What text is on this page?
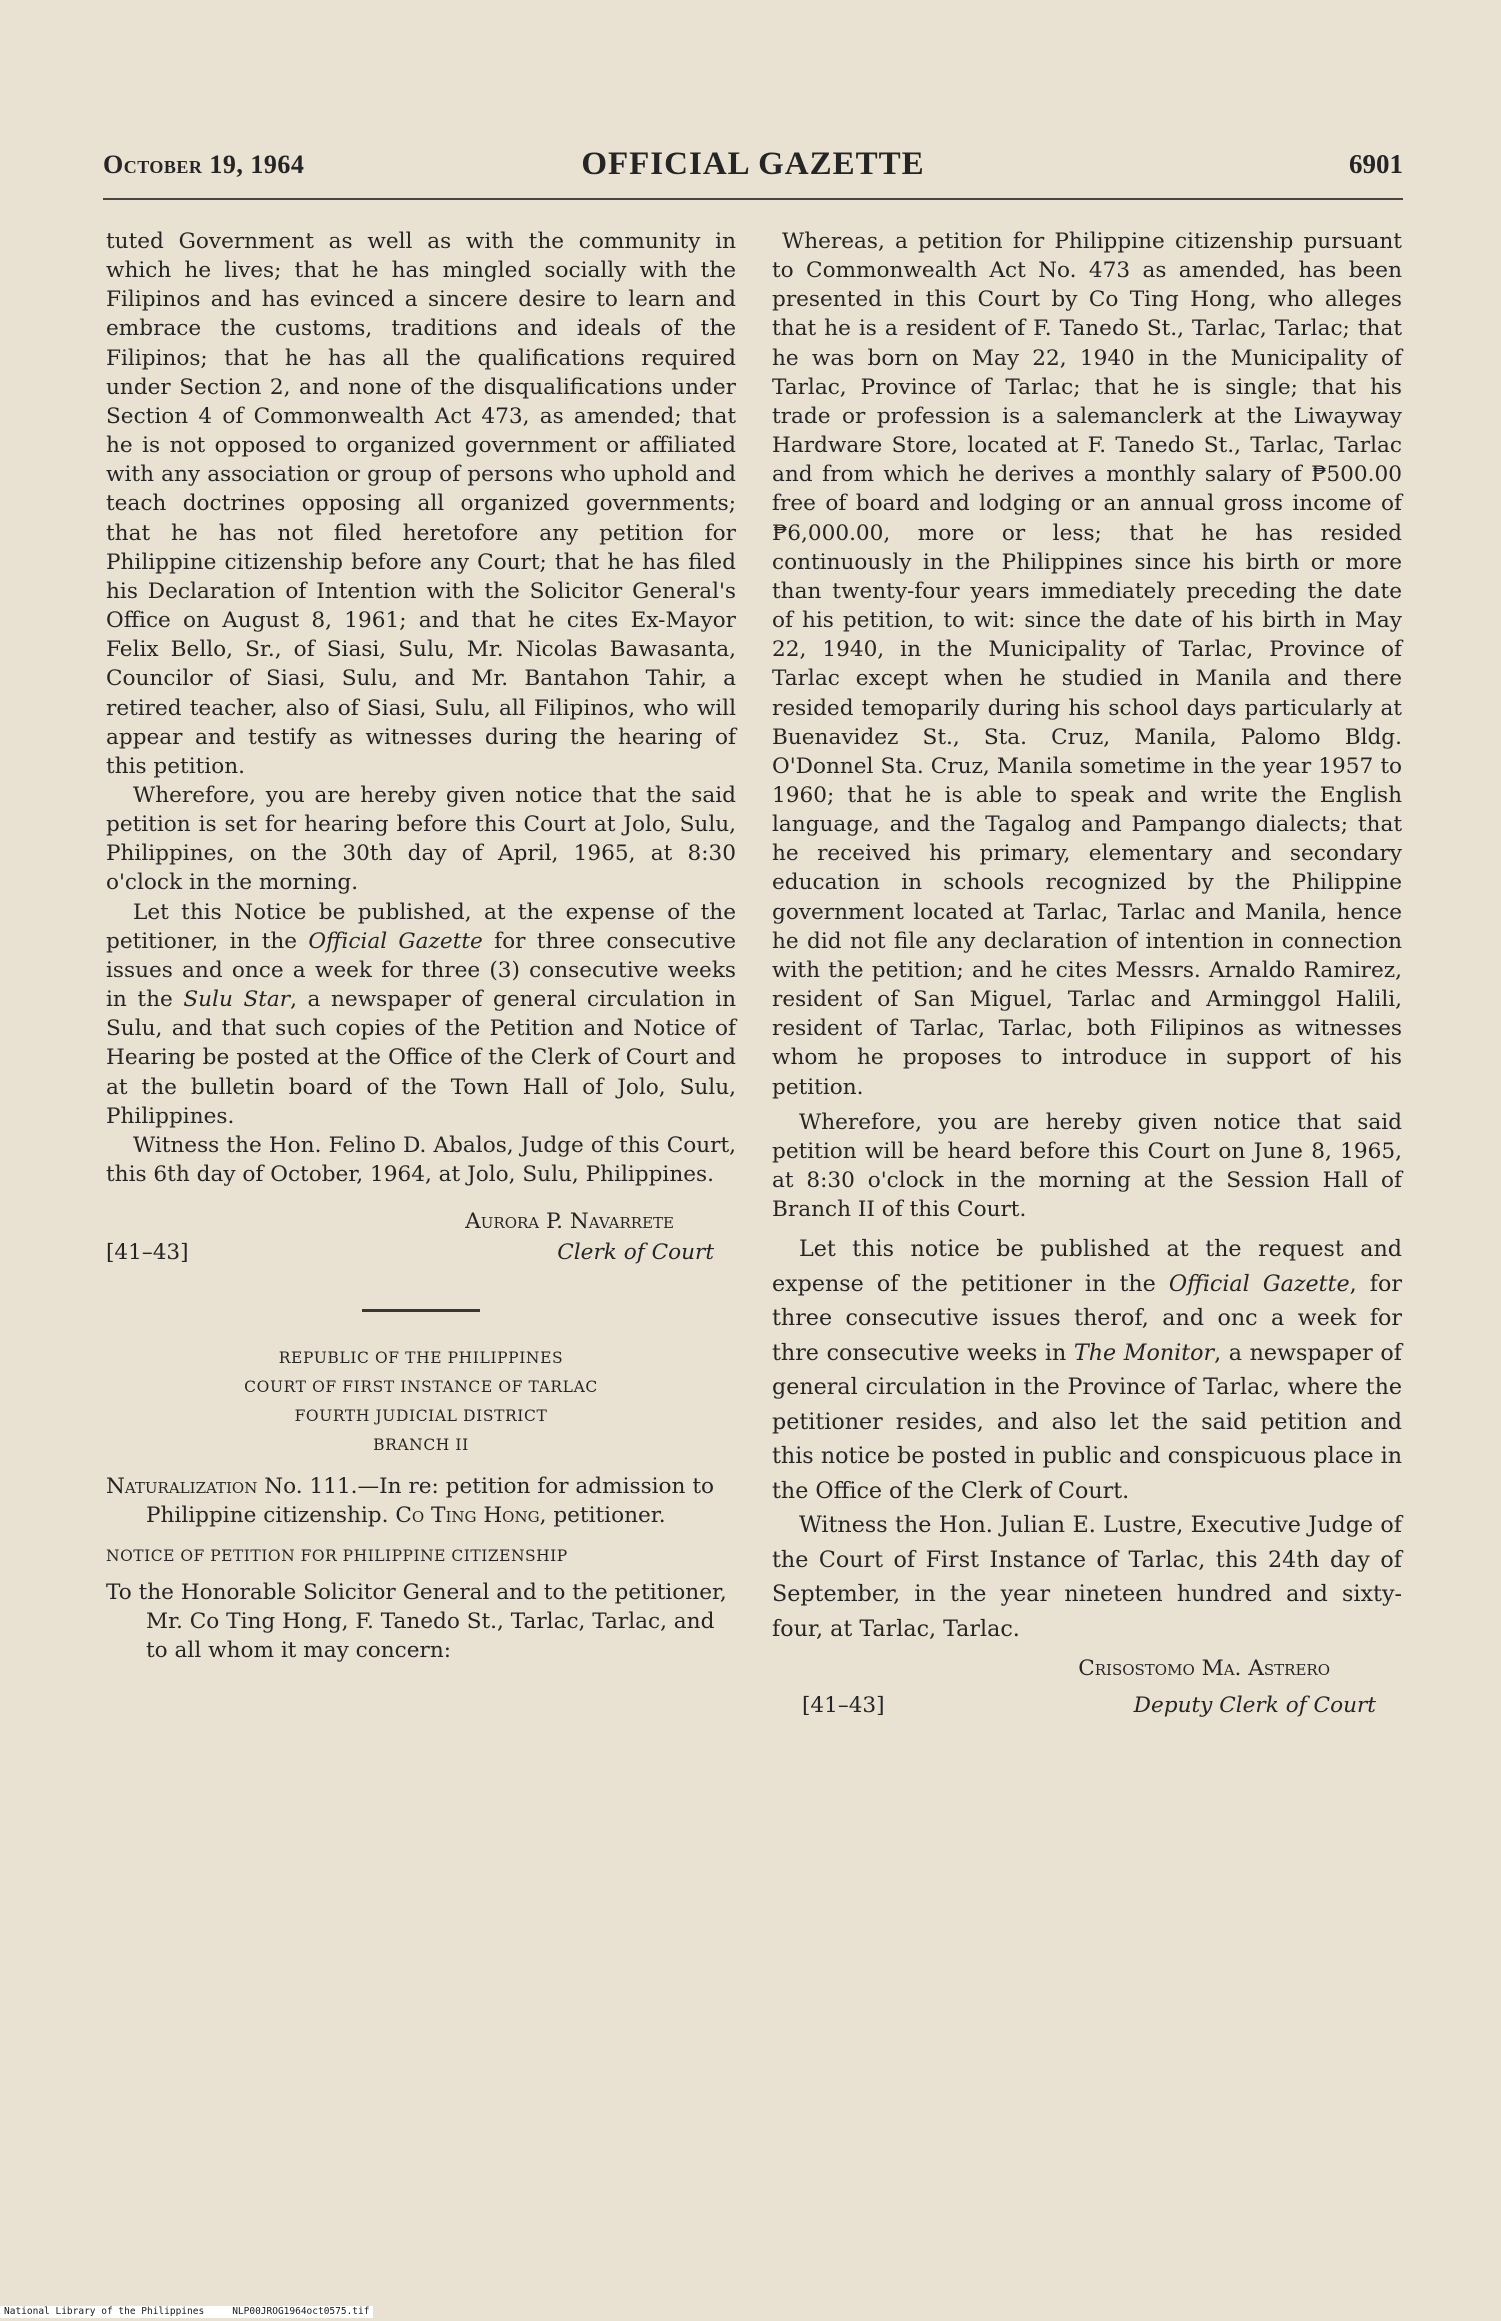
October 19, 1964	OFFICIAL GAZETTE	6901

tuted Government as well as with the community in which he lives; that he has mingled socially with the Filipinos and has evinced a sincere desire to learn and embrace the customs, traditions and ideals of the Filipinos; that he has all the qualifications required under Section 2, and none of the disqualifications under Section 4 of Commonwealth Act 473, as amended; that he is not opposed to organized government or affiliated with any association or group of persons who uphold and teach doctrines opposing all organized governments; that he has not filed heretofore any petition for Philippine citizenship before any Court; that he has filed his Declaration of Intention with the Solicitor General's Office on August 8, 1961; and that he cites Ex-Mayor Felix Bello, Sr., of Siasi, Sulu, Mr. Nicolas Bawasanta, Councilor of Siasi, Sulu, and Mr. Bantahon Tahir, a retired teacher, also of Siasi, Sulu, all Filipinos, who will appear and testify as witnesses during the hearing of this petition.

Wherefore, you are hereby given notice that the said petition is set for hearing before this Court at Jolo, Sulu, Philippines, on the 30th day of April, 1965, at 8:30 o'clock in the morning.

Let this Notice be published, at the expense of the petitioner, in the Official Gazette for three consecutive issues and once a week for three (3) consecutive weeks in the Sulu Star, a newspaper of general circulation in Sulu, and that such copies of the Petition and Notice of Hearing be posted at the Office of the Clerk of Court and at the bulletin board of the Town Hall of Jolo, Sulu, Philippines.

Witness the Hon. Felino D. Abalos, Judge of this Court, this 6th day of October, 1964, at Jolo, Sulu, Philippines.

Aurora P. Navarrete
[41–43]	Clerk of Court
REPUBLIC OF THE PHILIPPINES
COURT OF FIRST INSTANCE OF TARLAC
FOURTH JUDICIAL DISTRICT
BRANCH II

Naturalization No. 111.—In re: petition for admission to Philippine citizenship. Co Ting Hong, petitioner.

NOTICE OF PETITION FOR PHILIPPINE CITIZENSHIP

To the Honorable Solicitor General and to the petitioner, Mr. Co Ting Hong, F. Tanedo St., Tarlac, Tarlac, and to all whom it may concern:

Whereas, a petition for Philippine citizenship pursuant to Commonwealth Act No. 473 as amended, has been presented in this Court by Co Ting Hong, who alleges that he is a resident of F. Tanedo St., Tarlac, Tarlac; that he was born on May 22, 1940 in the Municipality of Tarlac, Province of Tarlac; that he is single; that his trade or profession is a salemanclerk at the Liwayway Hardware Store, located at F. Tanedo St., Tarlac, Tarlac and from which he derives a monthly salary of ₱500.00 free of board and lodging or an annual gross income of ₱6,000.00, more or less; that he has resided continuously in the Philippines since his birth or more than twenty-four years immediately preceding the date of his petition, to wit: since the date of his birth in May 22, 1940, in the Municipality of Tarlac, Province of Tarlac except when he studied in Manila and there resided temoparily during his school days particularly at Buenavidez St., Sta. Cruz, Manila, Palomo Bldg. O'Donnel Sta. Cruz, Manila sometime in the year 1957 to 1960; that he is able to speak and write the English language, and the Tagalog and Pampango dialects; that he received his primary, elementary and secondary education in schools recognized by the Philippine government located at Tarlac, Tarlac and Manila, hence he did not file any declaration of intention in connection with the petition; and he cites Messrs. Arnaldo Ramirez, resident of San Miguel, Tarlac and Arminggol Halili, resident of Tarlac, Tarlac, both Filipinos as witnesses whom he proposes to introduce in support of his petition.

Wherefore, you are hereby given notice that said petition will be heard before this Court on June 8, 1965, at 8:30 o'clock in the morning at the Session Hall of Branch II of this Court.

Let this notice be published at the request and expense of the petitioner in the Official Gazette, for three consecutive issues therof, and onc a week for thre consecutive weeks in The Monitor, a newspaper of general circulation in the Province of Tarlac, where the petitioner resides, and also let the said petition and this notice be posted in public and conspicuous place in the Office of the Clerk of Court.

Witness the Hon. Julian E. Lustre, Executive Judge of the Court of First Instance of Tarlac, this 24th day of September, in the year nineteen hundred and sixty-four, at Tarlac, Tarlac.

Crisostomo Ma. Astrero
[41–43]	Deputy Clerk of Court
National Library of the Philippines	NLP00JROG1964oct0575.tif
